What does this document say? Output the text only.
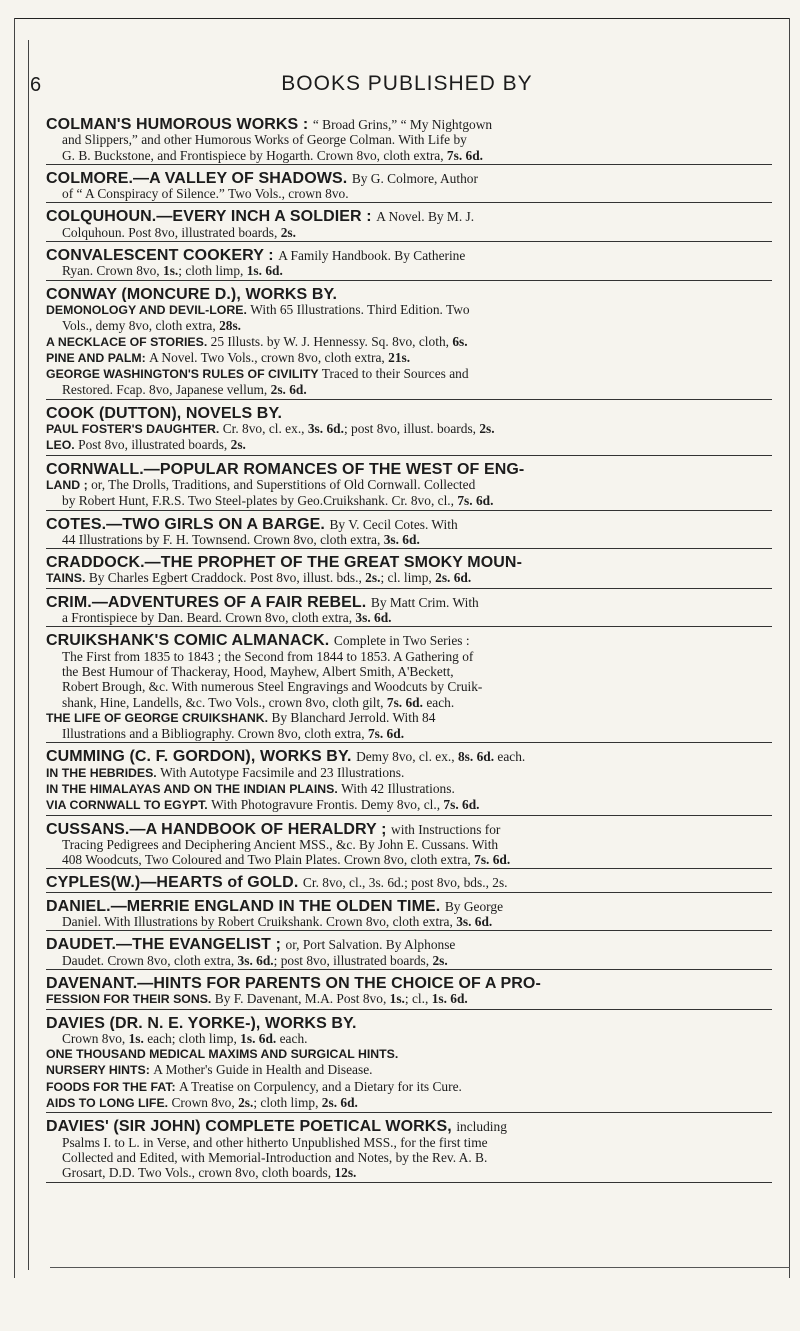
6	BOOKS PUBLISHED BY
COLMAN'S HUMOROUS WORKS : “ Broad Grins,” “ My Nightgown
and Slippers,” and other Humorous Works of George Colman. With Life by
G. B. Buckstone, and Frontispiece by Hogarth. Crown 8vo, cloth extra, 7s. 6d.
COLMORE.—A VALLEY OF SHADOWS. By G. Colmore, Author
of “ A Conspiracy of Silence.” Two Vols., crown 8vo.
COLQUHOUN.—EVERY INCH A SOLDIER : A Novel. By M. J.
Colquhoun. Post 8vo, illustrated boards, 2s.
CONVALESCENT COOKERY : A Family Handbook. By Catherine
Ryan. Crown 8vo, 1s.; cloth limp, 1s. 6d.
CONWAY (MONCURE D.), WORKS BY.
DEMONOLOGY AND DEVIL-LORE. With 65 Illustrations. Third Edition. Two
Vols., demy 8vo, cloth extra, 28s.
A NECKLACE OF STORIES. 25 Illusts. by W. J. Hennessy. Sq. 8vo, cloth, 6s.
PINE AND PALM: A Novel. Two Vols., crown 8vo, cloth extra, 21s.
GEORGE WASHINGTON'S RULES OF CIVILITY Traced to their Sources and
Restored. Fcap. 8vo, Japanese vellum, 2s. 6d.
COOK (DUTTON), NOVELS BY.
PAUL FOSTER'S DAUGHTER. Cr. 8vo, cl. ex., 3s. 6d.; post 8vo, illust. boards, 2s.
LEO. Post 8vo, illustrated boards, 2s.
CORNWALL.—POPULAR ROMANCES OF THE WEST OF ENG-
LAND ; or, The Drolls, Traditions, and Superstitions of Old Cornwall. Collected
by Robert Hunt, F.R.S. Two Steel-plates by Geo.Cruikshank. Cr. 8vo, cl., 7s. 6d.
COTES.—TWO GIRLS ON A BARGE. By V. Cecil Cotes. With
44 Illustrations by F. H. Townsend. Crown 8vo, cloth extra, 3s. 6d.
CRADDOCK.—THE PROPHET OF THE GREAT SMOKY MOUN-
TAINS. By Charles Egbert Craddock. Post 8vo, illust. bds., 2s.; cl. limp, 2s. 6d.
CRIM.—ADVENTURES OF A FAIR REBEL. By Matt Crim. With
a Frontispiece by Dan. Beard. Crown 8vo, cloth extra, 3s. 6d.
CRUIKSHANK'S COMIC ALMANACK. Complete in Two Series :
The First from 1835 to 1843 ; the Second from 1844 to 1853. A Gathering of
the Best Humour of Thackeray, Hood, Mayhew, Albert Smith, A'Beckett,
Robert Brough, &c. With numerous Steel Engravings and Woodcuts by Cruik-
shank, Hine, Landells, &c. Two Vols., crown 8vo, cloth gilt, 7s. 6d. each.
THE LIFE OF GEORGE CRUIKSHANK. By Blanchard Jerrold. With 84
Illustrations and a Bibliography. Crown 8vo, cloth extra, 7s. 6d.
CUMMING (C. F. GORDON), WORKS BY. Demy 8vo, cl. ex., 8s. 6d. each.
IN THE HEBRIDES. With Autotype Facsimile and 23 Illustrations.
IN THE HIMALAYAS AND ON THE INDIAN PLAINS. With 42 Illustrations.
VIA CORNWALL TO EGYPT. With Photogravure Frontis. Demy 8vo, cl., 7s. 6d.
CUSSANS.—A HANDBOOK OF HERALDRY ; with Instructions for
Tracing Pedigrees and Deciphering Ancient MSS., &c. By John E. Cussans. With
408 Woodcuts, Two Coloured and Two Plain Plates. Crown 8vo, cloth extra, 7s. 6d.
CYPLES(W.)—HEARTS of GOLD. Cr. 8vo, cl., 3s. 6d.; post 8vo, bds., 2s.
DANIEL.—MERRIE ENGLAND IN THE OLDEN TIME. By George
Daniel. With Illustrations by Robert Cruikshank. Crown 8vo, cloth extra, 3s. 6d.
DAUDET.—THE EVANGELIST ; or, Port Salvation. By Alphonse
Daudet. Crown 8vo, cloth extra, 3s. 6d.; post 8vo, illustrated boards, 2s.
DAVENANT.—HINTS FOR PARENTS ON THE CHOICE OF A PRO-
FESSION FOR THEIR SONS. By F. Davenant, M.A. Post 8vo, 1s.; cl., 1s. 6d.
DAVIES (DR. N. E. YORKE-), WORKS BY.
Crown 8vo, 1s. each; cloth limp, 1s. 6d. each.
ONE THOUSAND MEDICAL MAXIMS AND SURGICAL HINTS.
NURSERY HINTS: A Mother's Guide in Health and Disease.
FOODS FOR THE FAT: A Treatise on Corpulency, and a Dietary for its Cure.
AIDS TO LONG LIFE. Crown 8vo, 2s.; cloth limp, 2s. 6d.
DAVIES' (SIR JOHN) COMPLETE POETICAL WORKS, including
Psalms I. to L. in Verse, and other hitherto Unpublished MSS., for the first time
Collected and Edited, with Memorial-Introduction and Notes, by the Rev. A. B.
Grosart, D.D. Two Vols., crown 8vo, cloth boards, 12s.
